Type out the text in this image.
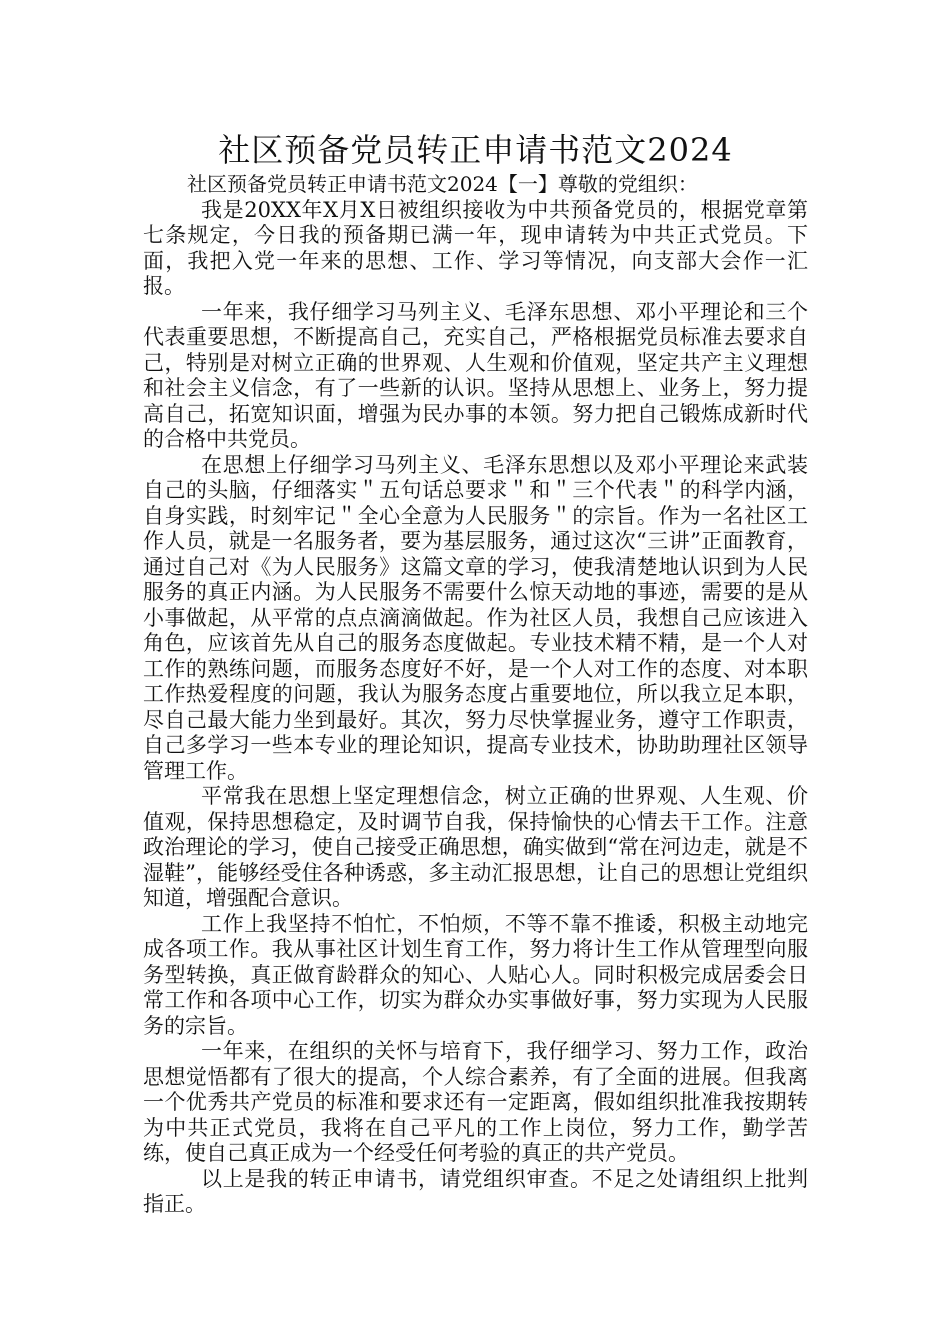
社区预备党员转正申请书范文2024

社区预备党员转正申请书范文2024【一】尊敬的党组织：

我是20XX年X月X日被组织接收为中共预备党员的，根据党章第七条规定，今日我的预备期已满一年，现申请转为中共正式党员。下面，我把入党一年来的思想、工作、学习等情况，向支部大会作一汇报。

一年来，我仔细学习马列主义、毛泽东思想、邓小平理论和三个代表重要思想，不断提高自己，充实自己，严格根据党员标准去要求自己，特别是对树立正确的世界观、人生观和价值观，坚定共产主义理想和社会主义信念，有了一些新的认识。坚持从思想上、业务上，努力提高自己，拓宽知识面，增强为民办事的本领。努力把自己锻炼成新时代的合格中共党员。

在思想上仔细学习马列主义、毛泽东思想以及邓小平理论来武装自己的头脑，仔细落实＂五句话总要求＂和＂三个代表＂的科学内涵，自身实践，时刻牢记＂全心全意为人民服务＂的宗旨。作为一名社区工作人员，就是一名服务者，要为基层服务，通过这次“三讲”正面教育，通过自己对《为人民服务》这篇文章的学习，使我清楚地认识到为人民服务的真正内涵。为人民服务不需要什么惊天动地的事迹，需要的是从小事做起，从平常的点点滴滴做起。作为社区人员，我想自己应该进入角色，应该首先从自己的服务态度做起。专业技术精不精，是一个人对工作的熟练问题，而服务态度好不好，是一个人对工作的态度、对本职工作热爱程度的问题，我认为服务态度占重要地位，所以我立足本职，尽自己最大能力坐到最好。其次，努力尽快掌握业务，遵守工作职责，自己多学习一些本专业的理论知识，提高专业技术，协助助理社区领导管理工作。

平常我在思想上坚定理想信念，树立正确的世界观、人生观、价值观，保持思想稳定，及时调节自我，保持愉快的心情去干工作。注意政治理论的学习，使自己接受正确思想，确实做到“常在河边走，就是不湿鞋”，能够经受住各种诱惑，多主动汇报思想，让自己的思想让党组织知道，增强配合意识。

工作上我坚持不怕忙，不怕烦，不等不靠不推诿，积极主动地完成各项工作。我从事社区计划生育工作，努力将计生工作从管理型向服务型转换，真正做育龄群众的知心、人贴心人。同时积极完成居委会日常工作和各项中心工作，切实为群众办实事做好事，努力实现为人民服务的宗旨。

一年来，在组织的关怀与培育下，我仔细学习、努力工作，政治思想觉悟都有了很大的提高，个人综合素养，有了全面的进展。但我离一个优秀共产党员的标准和要求还有一定距离，假如组织批准我按期转为中共正式党员，我将在自己平凡的工作上岗位，努力工作，勤学苦练，使自己真正成为一个经受任何考验的真正的共产党员。

以上是我的转正申请书，请党组织审查。不足之处请组织上批判指正。
